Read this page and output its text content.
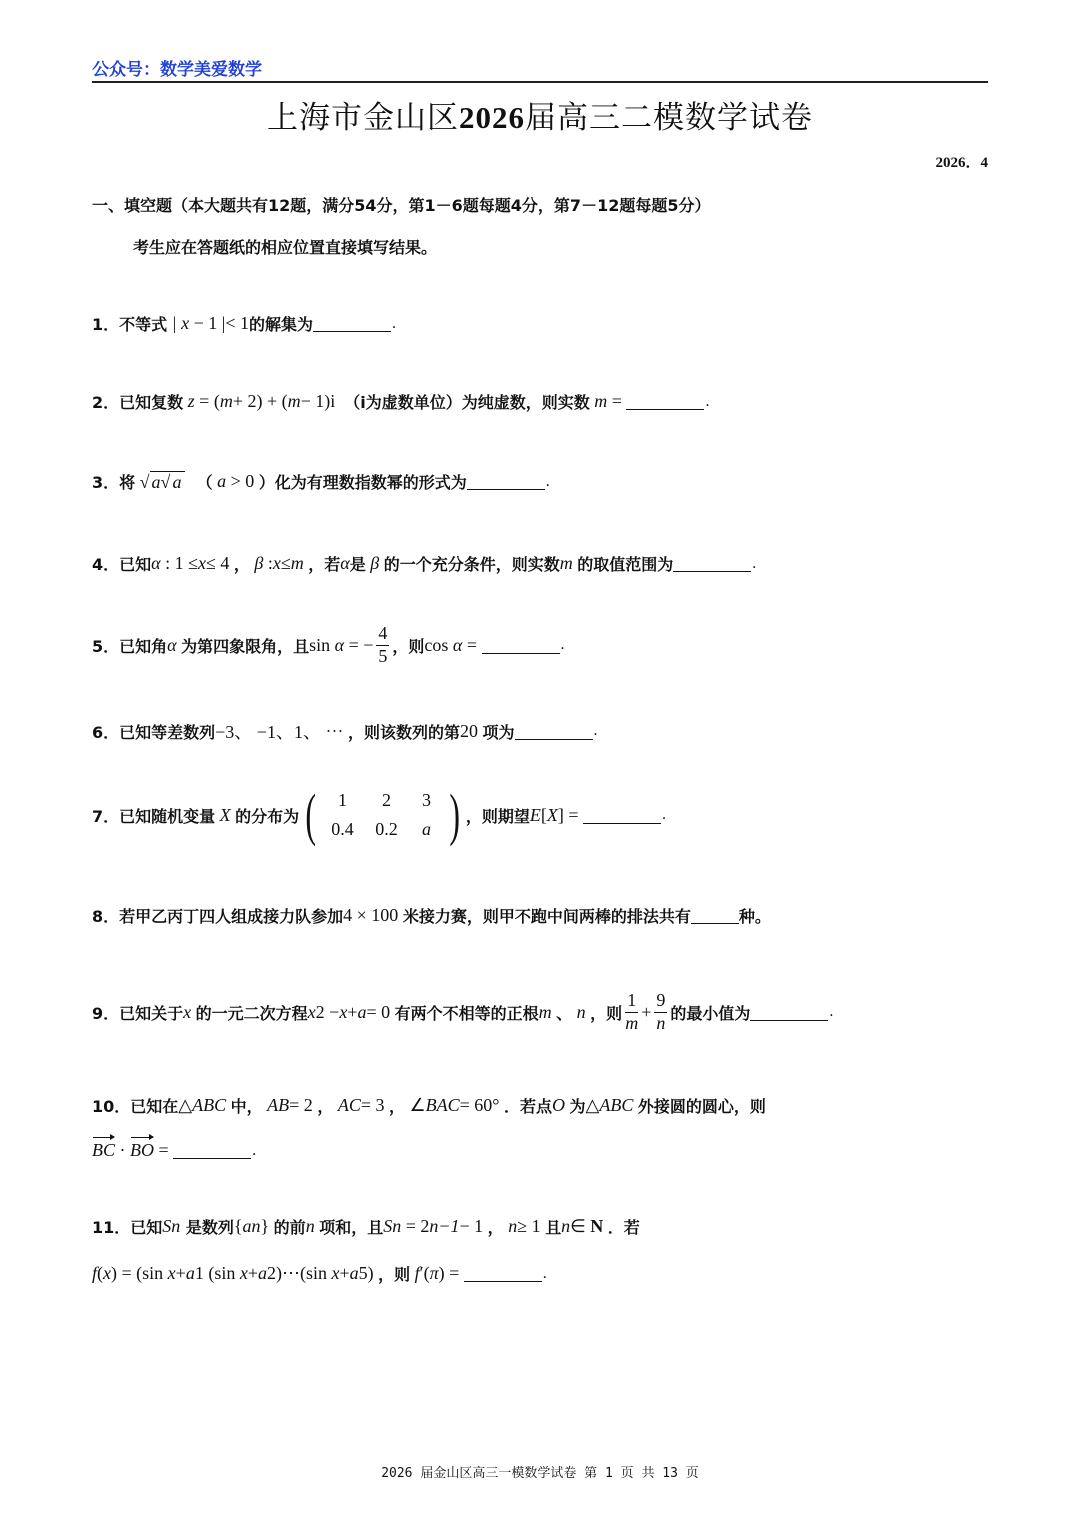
公众号：数学美爱数学
上海市金山区2026届高三二模数学试卷
2026．4
一、填空题（本大题共有12题，满分54分，第1－6题每题4分，第7－12题每题5分）
考生应在答题纸的相应位置直接填写结果。
1． 不等式 | x − 1 |< 1 的解集为	.
2． 已知复数 z = ( m + 2) + ( m − 1)i （i为虚数单位）为纯虚数，则实数 m =	.
3． 将 √ a√ a
（ a > 0 ）化为有理数指数幂的形式为	.
4． 已知 α : 1 ≤ x ≤ 4 ， β : x ≤ m ，若 α 是 β 的一个充分条件，则实数 m 的取值范围为	.
5． 已知角 α 为第四象限角，且 sin α = − $\frac{4}{5}$ ，则 cos α =	.
6． 已知等差数列 −3、 −1、1、 ⋯ ，则该数列的第 20 项为	.
7． 已知随机变量 X 的分布为 (	1	2	3
0.4	0.2	a ) ，则期望 E [ X ] =	.
8． 若甲乙丙丁四人组成接力队参加 4 × 100 米接力赛，则甲不跑中间两棒的排法共有	种。
9． 已知关于 x 的一元二次方程 x 2 − x + a = 0 有两个不相等的正根 m 、 n ，则 $\frac{1}{m} + \frac{9}{n}$ 的最小值为	.
10． 已知在 △ ABC 中， AB = 2 ， AC = 3 ， ∠ BAC = 60° ．若点 O 为 △ ABC 外接圆的圆心，则
BC · BO =	.
11． 已知 S n
是数列 { a n } 的前 n 项和，且 S n = 2 n−1 − 1 ， n ≥ 1 且 n ∈ N ．若
f ( x ) = (sin x + a 1 (sin x + a 2 )⋯(sin x + a 5 ) ，则 f ′( π ) =	.
2026 届金山区高三一模数学试卷 第 1 页 共 13 页
